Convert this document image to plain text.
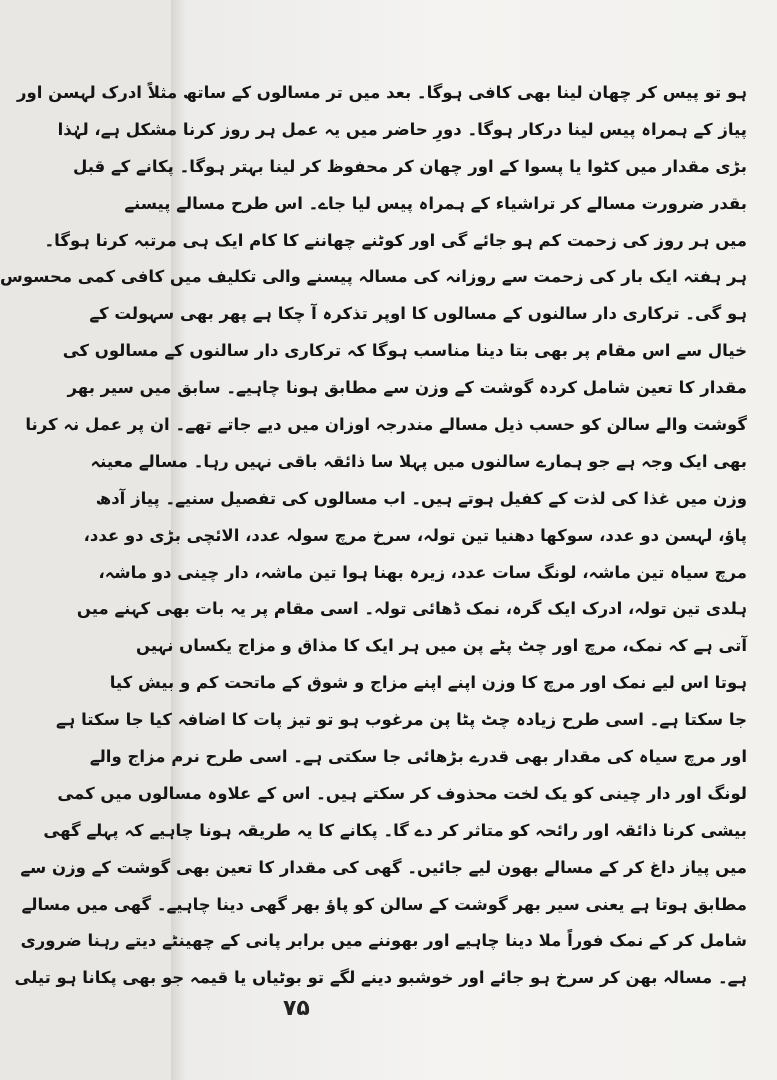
ہو تو پیس کر چھان لینا بھی کافی ہوگا۔ بعد میں تر مسالوں کے ساتھ مثلاً ادرک لہسن اور
پیاز کے ہمراہ پیس لینا درکار ہوگا۔ دورِ حاضر میں یہ عمل ہر روز کرنا مشکل ہے، لہٰذا
بڑی مقدار میں کٹوا یا پسوا کے اور چھان کر محفوظ کر لینا بہتر ہوگا۔ پکانے کے قبل
بقدر ضرورت مسالے کر تراشیاء کے ہمراہ پیس لیا جاے۔ اس طرح مسالے پیسنے
میں ہر روز کی زحمت کم ہو جائے گی اور کوٹنے چھاننے کا کام ایک ہی مرتبہ کرنا ہوگا۔
ہر ہفتہ ایک بار کی زحمت سے روزانہ کی مسالہ پیسنے والی تکلیف میں کافی کمی محسوس
ہو گی۔ ترکاری دار سالنوں کے مسالوں کا اوپر تذکرہ آ چکا ہے پھر بھی سہولت کے
خیال سے اس مقام پر بھی بتا دینا مناسب ہوگا کہ ترکاری دار سالنوں کے مسالوں کی
مقدار کا تعین شامل کردہ گوشت کے وزن سے مطابق ہونا چاہیے۔ سابق میں سیر بھر
گوشت والے سالن کو حسب ذیل مسالے مندرجہ اوزان میں دیے جاتے تھے۔ ان پر عمل نہ کرنا
بھی ایک وجہ ہے جو ہمارے سالنوں میں پہلا سا ذائقہ باقی نہیں رہا۔ مسالے معینہ
وزن میں غذا کی لذت کے کفیل ہوتے ہیں۔ اب مسالوں کی تفصیل سنیے۔ پیاز آدھ
پاؤ، لہسن دو عدد، سوکھا دھنیا تین تولہ، سرخ مرچ سولہ عدد، الائچی بڑی دو عدد،
مرچ سیاہ تین ماشہ، لونگ سات عدد، زیرہ بھنا ہوا تین ماشہ، دار چینی دو ماشہ،
ہلدی تین تولہ، ادرک ایک گرہ، نمک ڈھائی تولہ۔ اسی مقام پر یہ بات بھی کہنے میں
آتی ہے کہ نمک، مرچ اور چٹ پٹے پن میں ہر ایک کا مذاق و مزاج یکساں نہیں
ہوتا اس لیے نمک اور مرچ کا وزن اپنے اپنے مزاج و شوق کے ماتحت کم و بیش کیا
جا سکتا ہے۔ اسی طرح زیادہ چٹ پٹا پن مرغوب ہو تو تیز پات کا اضافہ کیا جا سکتا ہے
اور مرچ سیاہ کی مقدار بھی قدرے بڑھائی جا سکتی ہے۔ اسی طرح نرم مزاج والے
لونگ اور دار چینی کو یک لخت محذوف کر سکتے ہیں۔ اس کے علاوہ مسالوں میں کمی
بیشی کرنا ذائقہ اور رائحہ کو متاثر کر دے گا۔ پکانے کا یہ طریقہ ہونا چاہیے کہ پہلے گھی
میں پیاز داغ کر کے مسالے بھون لیے جائیں۔ گھی کی مقدار کا تعین بھی گوشت کے وزن سے
مطابق ہوتا ہے یعنی سیر بھر گوشت کے سالن کو پاؤ بھر گھی دینا چاہیے۔ گھی میں مسالے
شامل کر کے نمک فوراً ملا دینا چاہیے اور بھوننے میں برابر پانی کے چھینٹے دیتے رہنا ضروری
ہے۔ مسالہ بھن کر سرخ ہو جائے اور خوشبو دینے لگے تو بوٹیاں یا قیمہ جو بھی پکانا ہو تیلی
۷۵
